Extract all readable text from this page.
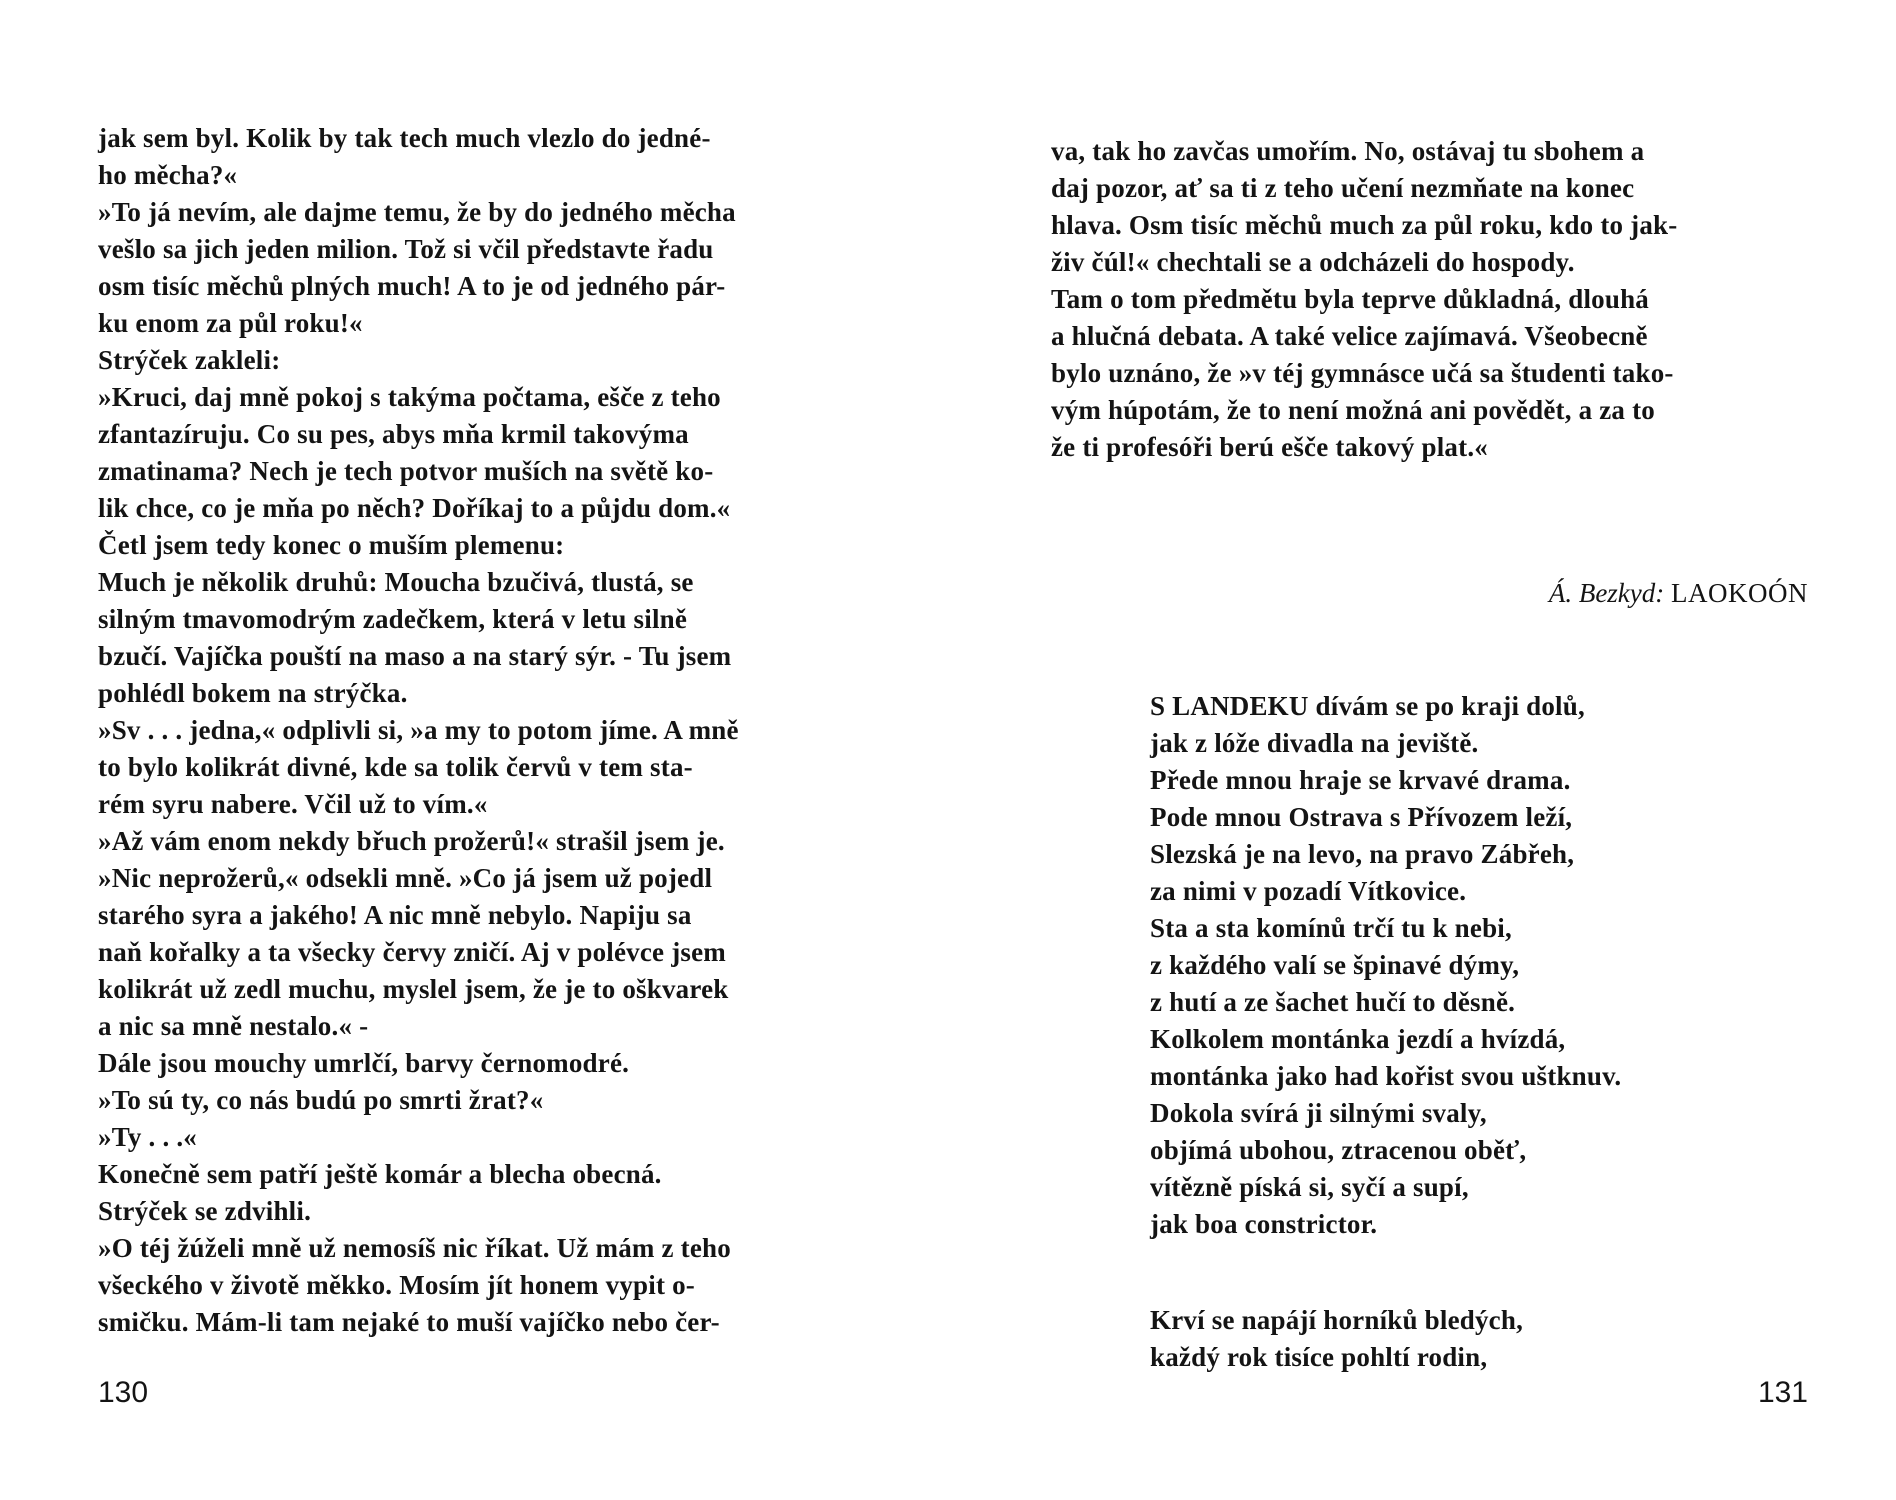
jak sem byl. Kolik by tak tech much vlezlo do jedné-
ho měcha?«
»To já nevím, ale dajme temu, že by do jedného měcha
vešlo sa jich jeden milion. Tož si včil představte řadu
osm tisíc měchů plných much! A to je od jedného pár-
ku enom za půl roku!«
Strýček zakleli:
»Kruci, daj mně pokoj s takýma počtama, ešče z teho
zfantazíruju. Co su pes, abys mňa krmil takovýma
zmatinama? Nech je tech potvor muších na světě ko-
lik chce, co je mňa po něch? Doříkaj to a půjdu dom.«
Četl jsem tedy konec o muším plemenu:
Much je několik druhů: Moucha bzučivá, tlustá, se
silným tmavomodrým zadečkem, která v letu silně
bzučí. Vajíčka pouští na maso a na starý sýr. - Tu jsem
pohlédl bokem na strýčka.
»Sv . . . jedna,« odplivli si, »a my to potom jíme. A mně
to bylo kolikrát divné, kde sa tolik červů v tem sta-
rém syru nabere. Včil už to vím.«
»Až vám enom nekdy břuch prožerů!« strašil jsem je.
»Nic neprožerů,« odsekli mně. »Co já jsem už pojedl
starého syra a jakého! A nic mně nebylo. Napiju sa
naň kořalky a ta všecky červy zničí. Aj v polévce jsem
kolikrát už zedl muchu, myslel jsem, že je to oškvarek
a nic sa mně nestalo.« -
Dále jsou mouchy umrlčí, barvy černomodré.
»To sú ty, co nás budú po smrti žrat?«
»Ty . . .«
Konečně sem patří ještě komár a blecha obecná.
Strýček se zdvihli.
»O téj žúželi mně už nemosíš nic říkat. Už mám z teho
všeckého v životě měkko. Mosím jít honem vypit o-
smičku. Mám-li tam nejaké to muší vajíčko nebo čer-
130
va, tak ho zavčas umořím. No, ostávaj tu sbohem a
daj pozor, ať sa ti z teho učení nezmňate na konec
hlava. Osm tisíc měchů much za půl roku, kdo to jak-
živ čúl!« chechtali se a odcházeli do hospody.
Tam o tom předmětu byla teprve důkladná, dlouhá
a hlučná debata. A také velice zajímavá. Všeobecně
bylo uznáno, že »v téj gymnásce učá sa študenti tako-
vým húpotám, že to není možná ani povědět, a za to
že ti profesóři berú ešče takový plat.«
Á. Bezkyd: LAOKOÓN
S LANDEKU dívám se po kraji dolů,
jak z lóže divadla na jeviště.
Přede mnou hraje se krvavé drama.
Pode mnou Ostrava s Přívozem leží,
Slezská je na levo, na pravo Zábřeh,
za nimi v pozadí Vítkovice.
Sta a sta komínů trčí tu k nebi,
z každého valí se špinavé dýmy,
z hutí a ze šachet hučí to děsně.
Kolkolem montánka jezdí a hvízdá,
montánka jako had kořist svou uštknuv.
Dokola svírá ji silnými svaly,
objímá ubohou, ztracenou oběť,
vítězně píská si, syčí a supí,
jak boa constrictor.
Krví se napájí horníků bledých,
každý rok tisíce pohltí rodin,
131
